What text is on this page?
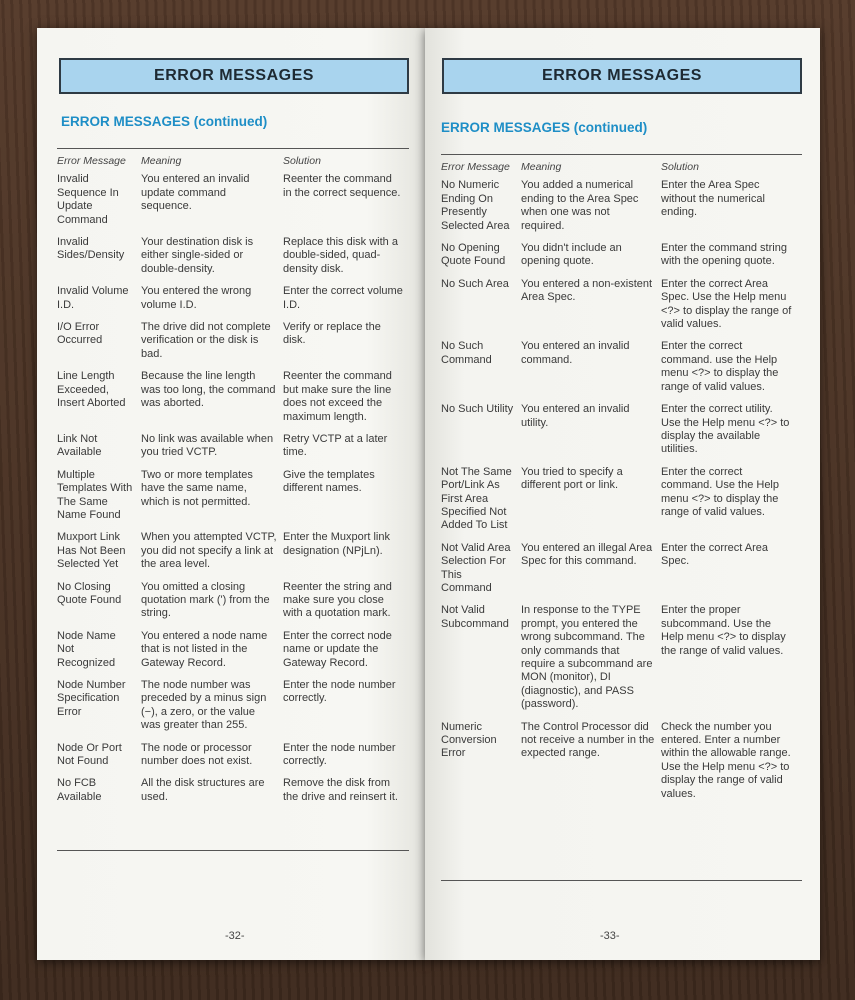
ERROR MESSAGES
ERROR MESSAGES (continued)
Error Message	Meaning	Solution
Invalid Sequence In Update Command	You entered an invalid update command sequence.	Reenter the command in the correct sequence.
Invalid Sides/Density	Your destination disk is either single-sided or double-density.	Replace this disk with a double-sided, quad-density disk.
Invalid Volume I.D.	You entered the wrong volume I.D.	Enter the correct volume I.D.
I/O Error Occurred	The drive did not complete verification or the disk is bad.	Verify or replace the disk.
Line Length Exceeded, Insert Aborted	Because the line length was too long, the command was aborted.	Reenter the command but make sure the line does not exceed the maximum length.
Link Not Available	No link was available when you tried VCTP.	Retry VCTP at a later time.
Multiple Templates With The Same Name Found	Two or more templates have the same name, which is not permitted.	Give the templates different names.
Muxport Link Has Not Been Selected Yet	When you attempted VCTP, you did not specify a link at the area level.	Enter the Muxport link designation (NPjLn).
No Closing Quote Found	You omitted a closing quotation mark (') from the string.	Reenter the string and make sure you close with a quotation mark.
Node Name Not Recognized	You entered a node name that is not listed in the Gateway Record.	Enter the correct node name or update the Gateway Record.
Node Number Specification Error	The node number was preceded by a minus sign (−), a zero, or the value was greater than 255.	Enter the node number correctly.
Node Or Port Not Found	The node or processor number does not exist.	Enter the node number correctly.
No FCB Available	All the disk structures are used.	Remove the disk from the drive and reinsert it.
-32-
ERROR MESSAGES
ERROR MESSAGES (continued)
Error Message	Meaning	Solution
No Numeric Ending On Presently Selected Area	You added a numerical ending to the Area Spec when one was not required.	Enter the Area Spec without the numerical ending.
No Opening Quote Found	You didn't include an opening quote.	Enter the command string with the opening quote.
No Such Area	You entered a non-existent Area Spec.	Enter the correct Area Spec. Use the Help menu <?> to display the range of valid values.
No Such Command	You entered an invalid command.	Enter the correct command. use the Help menu <?> to display the range of valid values.
No Such Utility	You entered an invalid utility.	Enter the correct utility. Use the Help menu <?> to display the available utilities.
Not The Same Port/Link As First Area Specified Not Added To List	You tried to specify a different port or link.	Enter the correct command. Use the Help menu <?> to display the range of valid values.
Not Valid Area Selection For This Command	You entered an illegal Area Spec for this command.	Enter the correct Area Spec.
Not Valid Subcommand	In response to the TYPE prompt, you entered the wrong subcommand. The only commands that require a subcommand are MON (monitor), DI (diagnostic), and PASS (password).	Enter the proper subcommand. Use the Help menu <?> to display the range of valid values.
Numeric Conversion Error	The Control Processor did not receive a number in the expected range.	Check the number you entered. Enter a number within the allowable range. Use the Help menu <?> to display the range of valid values.
-33-
